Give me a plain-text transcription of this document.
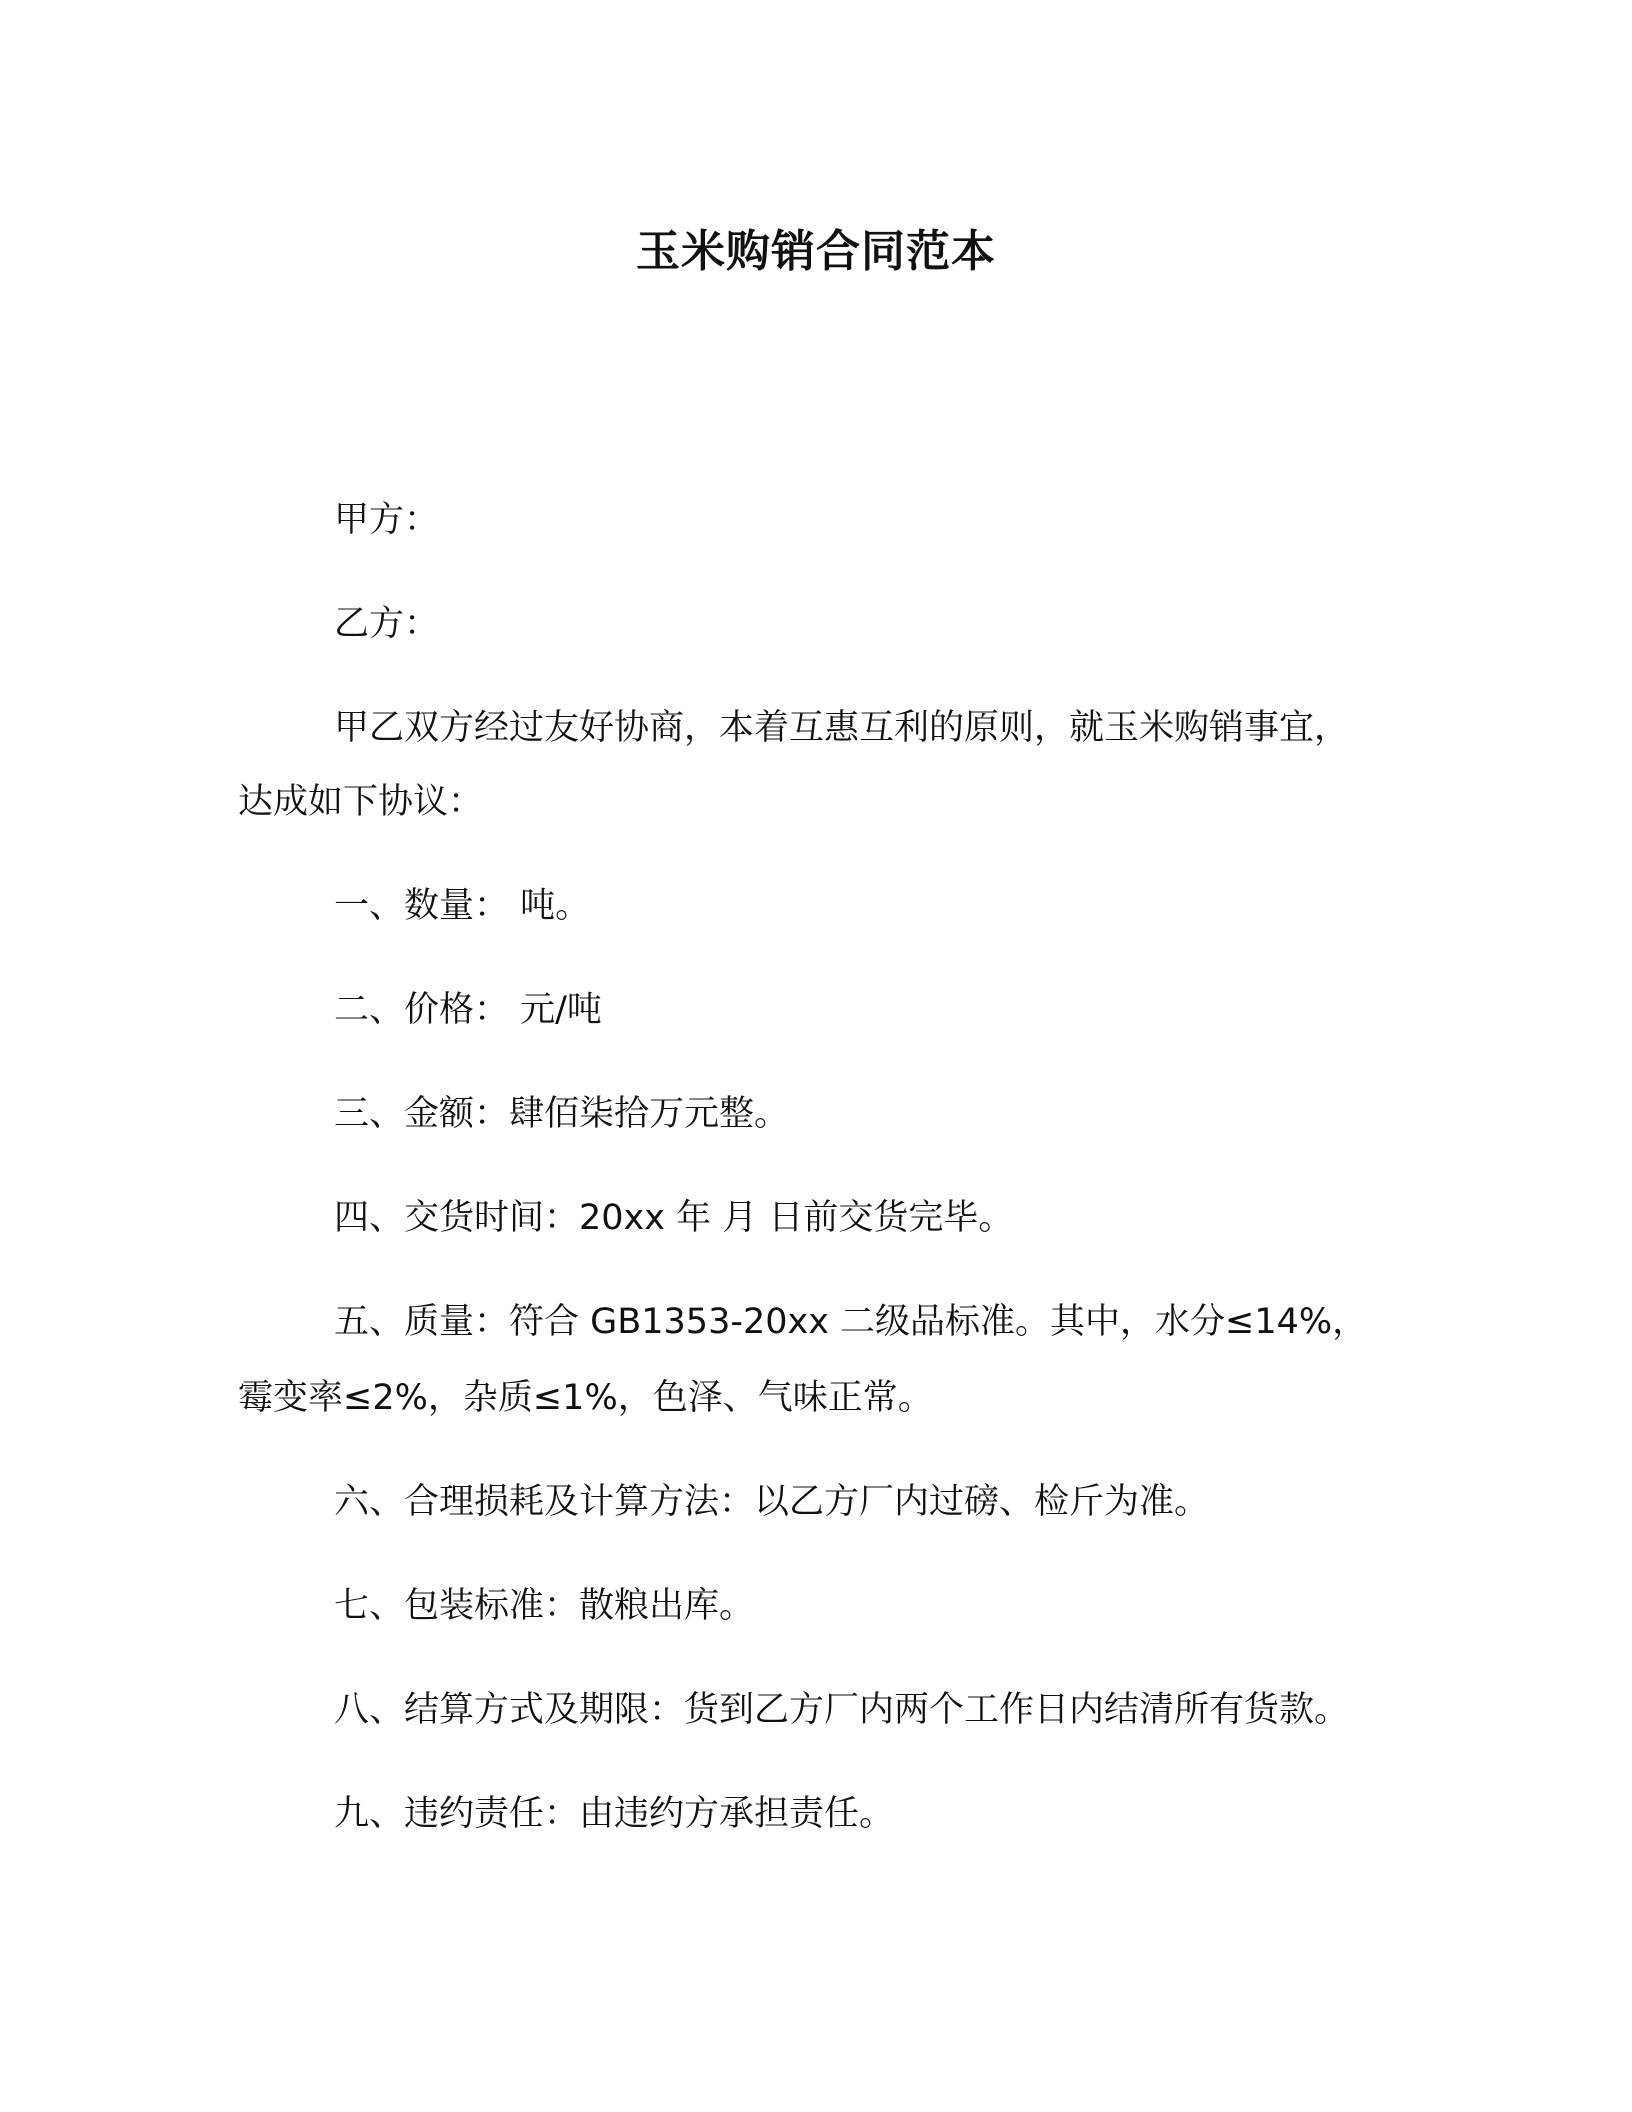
玉米购销合同范本
甲方：
乙方：
甲乙双方经过友好协商，本着互惠互利的原则，就玉米购销事宜，
达成如下协议：
一、数量： 吨。
二、价格： 元/吨
三、金额：肆佰柒拾万元整。
四、交货时间：20xx 年 月 日前交货完毕。
五、质量：符合 GB1353-20xx 二级品标准。其中，水分≤14%，
霉变率≤2%，杂质≤1%，色泽、气味正常。
六、合理损耗及计算方法：以乙方厂内过磅、检斤为准。
七、包装标准：散粮出库。
八、结算方式及期限：货到乙方厂内两个工作日内结清所有货款。
九、违约责任：由违约方承担责任。
